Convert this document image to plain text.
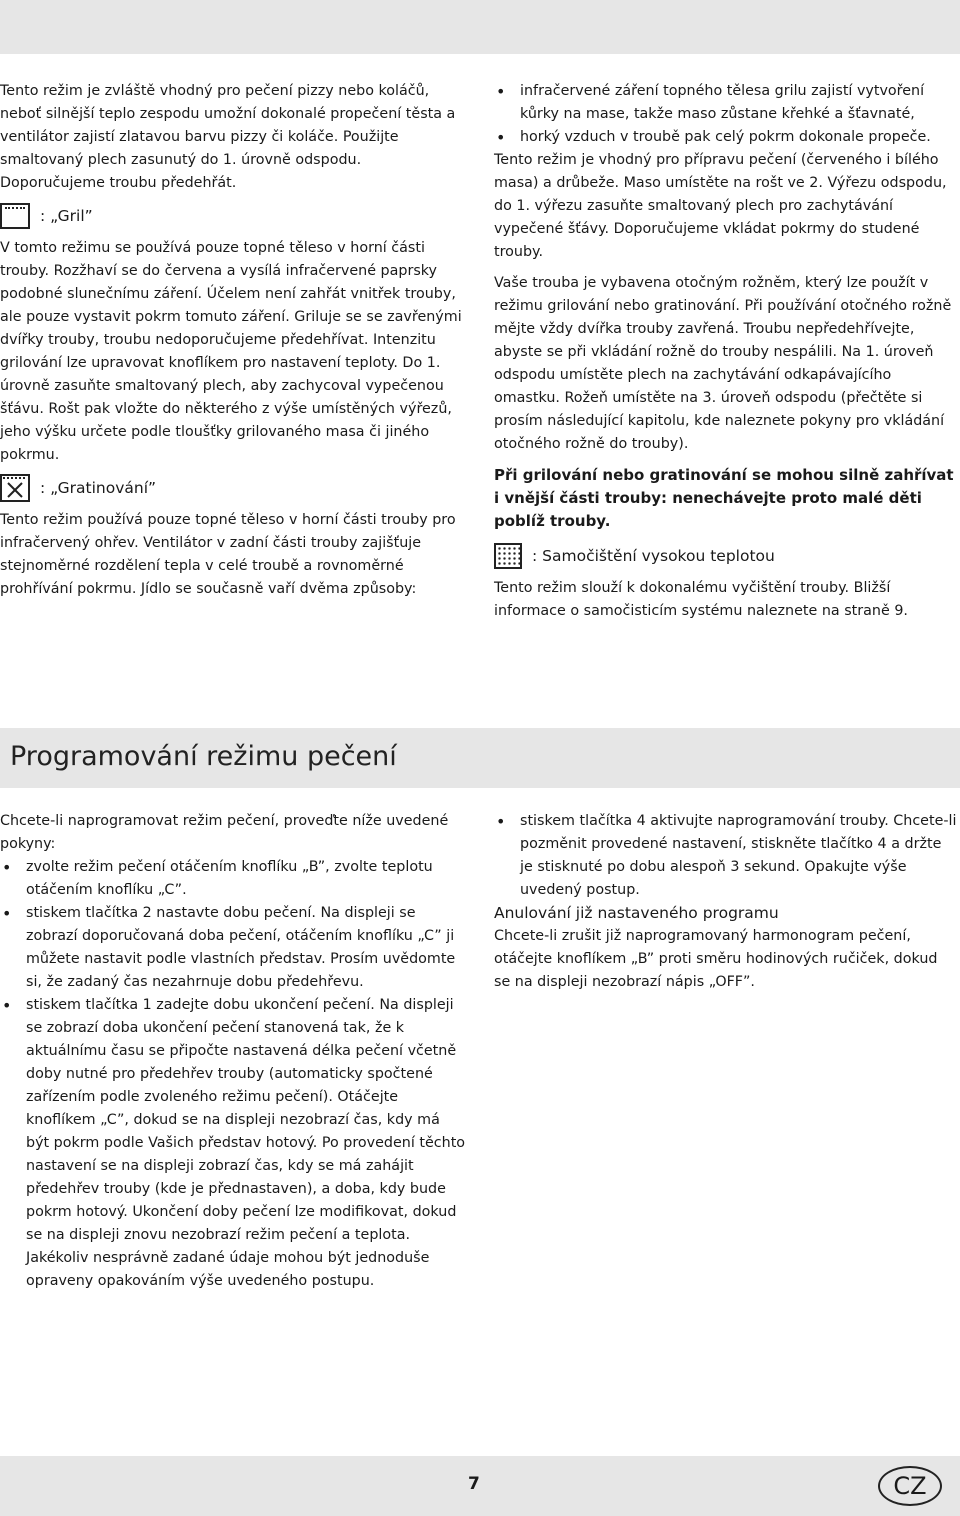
Tento režim je zvláště vhodný pro pečení pizzy nebo koláčů, neboť silnější teplo zespodu umožní dokonalé propečení těsta a ventilátor zajistí zlatavou barvu pizzy či koláče. Použijte smaltovaný plech zasunutý do 1. úrovně odspodu. Doporučujeme troubu předehřát.

: „Gril”

V tomto režimu se používá pouze topné těleso v horní části trouby. Rozžhaví se do červena a vysílá infračervené paprsky podobné slunečnímu záření. Účelem není zahřát vnitřek trouby, ale pouze vystavit pokrm tomuto záření. Griluje se se zavřenými dvířky trouby, troubu nedoporučujeme předehřívat. Intenzitu grilování lze upravovat knoflíkem pro nastavení teploty. Do 1. úrovně zasuňte smaltovaný plech, aby zachycoval vypečenou šťávu. Rošt pak vložte do některého z výše umístěných výřezů, jeho výšku určete podle tloušťky grilovaného masa či jiného pokrmu.

: „Gratinování”

Tento režim používá pouze topné těleso v horní části trouby pro infračervený ohřev. Ventilátor v zadní části trouby zajišťuje stejnoměrné rozdělení tepla v celé troubě a rovnoměrné prohřívání pokrmu. Jídlo se současně vaří dvěma způsoby:

• infračervené záření topného tělesa grilu zajistí vytvoření kůrky na mase, takže maso zůstane křehké a šťavnaté,
• horký vzduch v troubě pak celý pokrm dokonale propeče.

Tento režim je vhodný pro přípravu pečení (červeného i bílého masa) a drůbeže. Maso umístěte na rošt ve 2. Výřezu odspodu, do 1. výřezu zasuňte smaltovaný plech pro zachytávání vypečené šťávy. Doporučujeme vkládat pokrmy do studené trouby.

Vaše trouba je vybavena otočným rožněm, který lze použít v režimu grilování nebo gratinování. Při používání otočného rožně mějte vždy dvířka trouby zavřená. Troubu nepředehřívejte, abyste se při vkládání rožně do trouby nespálili. Na 1. úroveň odspodu umístěte plech na zachytávání odkapávajícího omastku. Rožeň umístěte na 3. úroveň odspodu (přečtěte si prosím následující kapitolu, kde naleznete pokyny pro vkládání otočného rožně do trouby).

Při grilování nebo gratinování se mohou silně zahřívat i vnější části trouby: nenechávejte proto malé děti poblíž trouby.

: Samočištění vysokou teplotou

Tento režim slouží k dokonalému vyčištění trouby. Bližší informace o samočisticím systému naleznete na straně 9.

Programování režimu pečení

Chcete-li naprogramovat režim pečení, proveďte níže uvedené pokyny:

• zvolte režim pečení otáčením knoflíku „B”, zvolte teplotu otáčením knoflíku „C”.
• stiskem tlačítka 2 nastavte dobu pečení. Na displeji se zobrazí doporučovaná doba pečení, otáčením knoflíku „C” ji můžete nastavit podle vlastních představ. Prosím uvědomte si, že zadaný čas nezahrnuje dobu předehřevu.
• stiskem tlačítka 1 zadejte dobu ukončení pečení. Na displeji se zobrazí doba ukončení pečení stanovená tak, že k aktuálnímu času se připočte nastavená délka pečení včetně doby nutné pro předehřev trouby (automaticky spočtené zařízením podle zvoleného režimu pečení). Otáčejte knoflíkem „C”, dokud se na displeji nezobrazí čas, kdy má být pokrm podle Vašich představ hotový. Po provedení těchto nastavení se na displeji zobrazí čas, kdy se má zahájit předehřev trouby (kde je přednastaven), a doba, kdy bude pokrm hotový. Ukončení doby pečení lze modifikovat, dokud se na displeji znovu nezobrazí režim pečení a teplota. Jakékoliv nesprávně zadané údaje mohou být jednoduše opraveny opakováním výše uvedeného postupu.
• stiskem tlačítka 4 aktivujte naprogramování trouby. Chcete-li pozměnit provedené nastavení, stiskněte tlačítko 4 a držte je stisknuté po dobu alespoň 3 sekund. Opakujte výše uvedený postup.

Anulování již nastaveného programu

Chcete-li zrušit již naprogramovaný harmonogram pečení, otáčejte knoflíkem „B” proti směru hodinových ručiček, dokud se na displeji nezobrazí nápis „OFF”.

7	CZ
